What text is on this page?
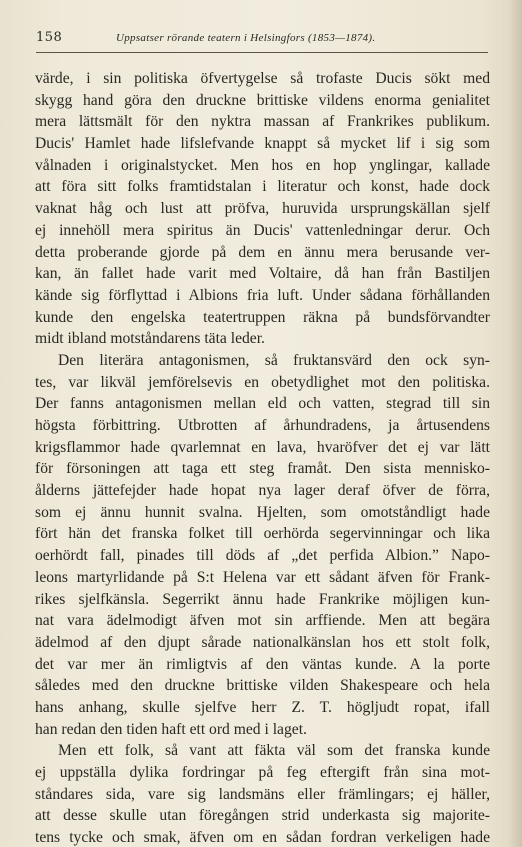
158	Uppsatser rörande teatern i Helsingfors (1853—1874).
värde, i sin politiska öfvertygelse så trofaste Ducis sökt med
skygg hand göra den druckne brittiske vildens enorma genialitet
mera lättsmält för den nyktra massan af Frankrikes publikum.
Ducis' Hamlet hade lifslefvande knappt så mycket lif i sig som
vålnaden i originalstycket. Men hos en hop ynglingar, kallade
att föra sitt folks framtidstalan i literatur och konst, hade dock
vaknat håg och lust att pröfva, huruvida ursprungskällan sjelf
ej innehöll mera spiritus än Ducis' vattenledningar derur. Och
detta proberande gjorde på dem en ännu mera berusande ver-
kan, än fallet hade varit med Voltaire, då han från Bastiljen
kände sig förflyttad i Albions fria luft. Under sådana förhållanden
kunde den engelska teatertruppen räkna på bundsförvandter
midt ibland motståndarens täta leder.
Den literära antagonismen, så fruktansvärd den ock syn-
tes, var likväl jemförelsevis en obetydlighet mot den politiska.
Der fanns antagonismen mellan eld och vatten, stegrad till sin
högsta förbittring. Utbrotten af århundradens, ja årtusendens
krigsflammor hade qvarlemnat en lava, hvaröfver det ej var lätt
för försoningen att taga ett steg framåt. Den sista mennisko-
ålderns jättefejder hade hopat nya lager deraf öfver de förra,
som ej ännu hunnit svalna. Hjelten, som omotståndligt hade
fört hän det franska folket till oerhörda segervinningar och lika
oerhördt fall, pinades till döds af „det perfida Albion.” Napo-
leons martyrlidande på S:t Helena var ett sådant äfven för Frank-
rikes sjelfkänsla. Segerrikt ännu hade Frankrike möjligen kun-
nat vara ädelmodigt äfven mot sin arffiende. Men att begära
ädelmod af den djupt sårade nationalkänslan hos ett stolt folk,
det var mer än rimligtvis af den väntas kunde. A la porte
således med den druckne brittiske vilden Shakespeare och hela
hans anhang, skulle sjelfve herr Z. T. högljudt ropat, ifall
han redan den tiden haft ett ord med i laget.
Men ett folk, så vant att fäkta väl som det franska kunde
ej uppställa dylika fordringar på feg eftergift från sina mot-
ståndares sida, vare sig landsmäns eller främlingars; ej häller,
att desse skulle utan föregången strid underkasta sig majorite-
tens tycke och smak, äfven om en sådan fordran verkeligen hade
